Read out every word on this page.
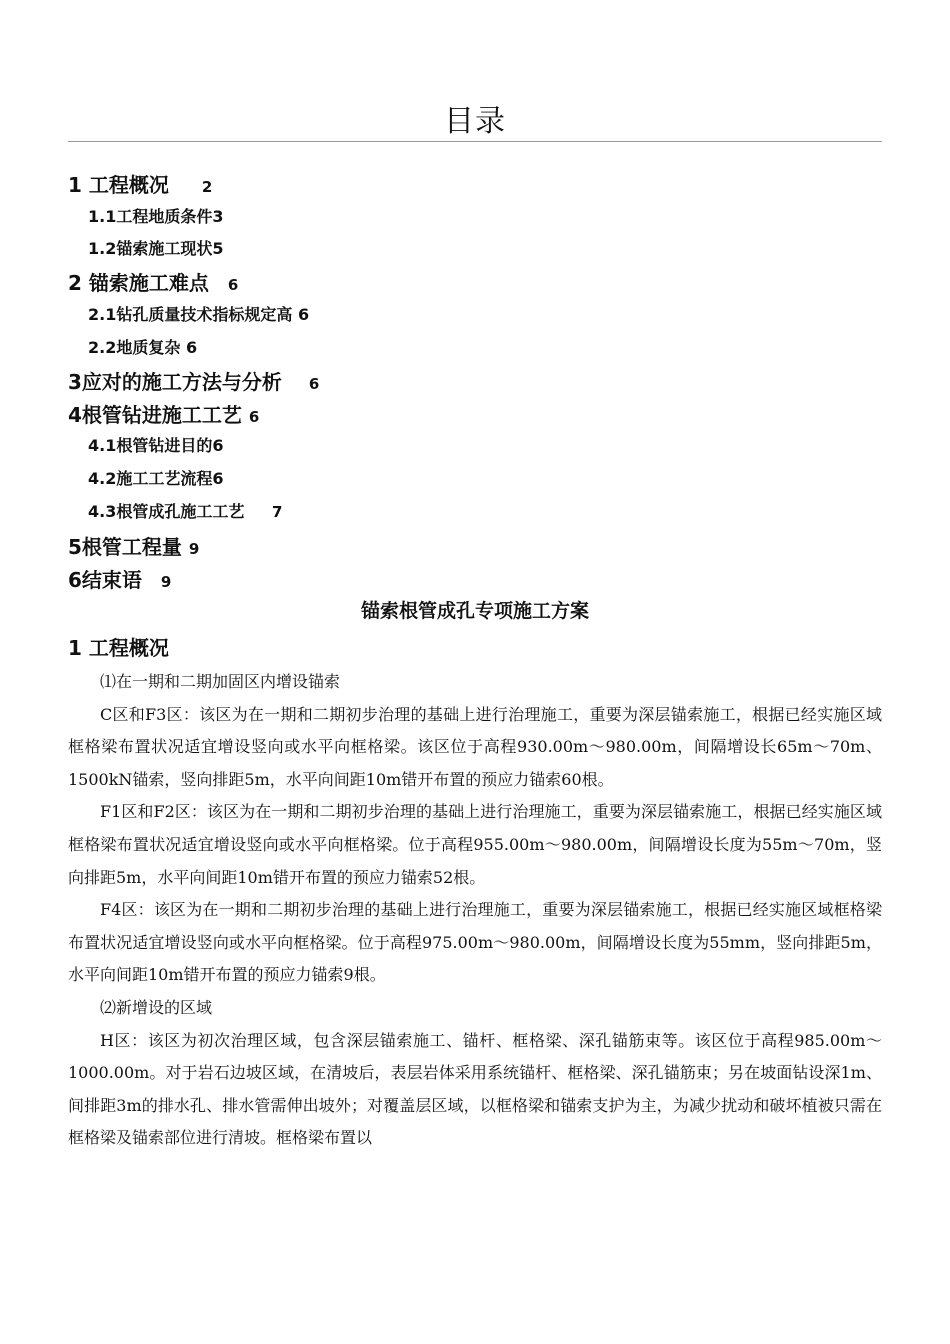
目录
1 工程概况 2
1.1工程地质条件3
1.2锚索施工现状5
2 锚索施工难点 6
2.1钻孔质量技术指标规定高 6
2.2地质复杂 6
3应对的施工方法与分析 6
4根管钻进施工工艺 6
4.1根管钻进目的6
4.2施工工艺流程6
4.3根管成孔施工工艺 7
5根管工程量 9
6结束语 9
锚索根管成孔专项施工方案
1 工程概况

⑴在一期和二期加固区内增设锚索

C区和F3区：该区为在一期和二期初步治理的基础上进行治理施工，重要为深层锚索施工，根据已经实施区域框格梁布置状况适宜增设竖向或水平向框格梁。该区位于高程930.00m～980.00m，间隔增设长65m～70m、1500kN锚索，竖向排距5m，水平向间距10m错开布置的预应力锚索60根。

F1区和F2区：该区为在一期和二期初步治理的基础上进行治理施工，重要为深层锚索施工，根据已经实施区域框格梁布置状况适宜增设竖向或水平向框格梁。位于高程955.00m～980.00m，间隔增设长度为55m～70m，竖向排距5m，水平向间距10m错开布置的预应力锚索52根。

F4区：该区为在一期和二期初步治理的基础上进行治理施工，重要为深层锚索施工，根据已经实施区域框格梁布置状况适宜增设竖向或水平向框格梁。位于高程975.00m～980.00m，间隔增设长度为55mm，竖向排距5m，水平向间距10m错开布置的预应力锚索9根。

⑵新增设的区域

H区：该区为初次治理区域，包含深层锚索施工、锚杆、框格梁、深孔锚筋束等。该区位于高程985.00m～1000.00m。对于岩石边坡区域，在清坡后，表层岩体采用系统锚杆、框格梁、深孔锚筋束；另在坡面钻设深1m、间排距3m的排水孔、排水管需伸出坡外；对覆盖层区域，以框格梁和锚索支护为主，为减少扰动和破坏植被只需在框格梁及锚索部位进行清坡。框格梁布置以
